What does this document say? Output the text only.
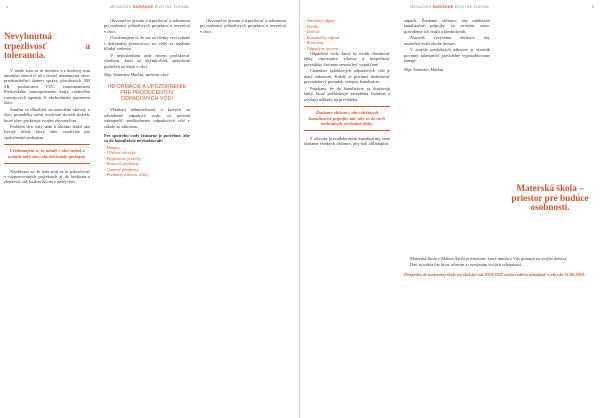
4	MESAČNÍK ŠARIŠSKÉ ŽIVOTNÉ ŽURNÁL
Nevyhnutná trpezlivosť a tolerancia.

V úrade som za tri mesiace a z bodovej som mnohým stretol či už s dosiaľ neznámymi obce, predstaviteľmi štátnej správy pôsobiacich NR SR, poslancami VÚC, zamestnancami Prešovského samosprávneho kraja, riaditeľmi rozvojových agentúr či obchodnými partnermi obce.

Snažím sa dlhodobé na nastolené aktivity v obci, pomaličky začať zvyšovať úroveň služieb, ktoré obec poskytuje svojim obyvateľom.

Problém dva roky nám k akciám slúžil ako bývalý sklad, ktorý obec využívala pre spoločenské podujatia.

Uvedomujem si, že mladý v obci nebol a nebude taký stav, aby bol každý spokojný.

Nazdávam sa, že teda stojí za to pokračovať v rozpracovaných projektoch aj do budúcna a zlepšovať tak kvalitu života v našej obci.

Obyvateľov prosím o trpezlivosť a toleranciu pri realizácii jednotlivých projektov a investícií v obci.

Uvedomujem si, že nie sú všetky veci robené s dokonalou presnosťou, no vždy sa snažíme hľadať riešenia.

V neposlednom rade chcem poďakovať všetkým, ktorí sa akýmkoľvek spôsobom podieľali na dianí v obci.

Mgr. Stanislav Mathia, starosta obce

INFORMÁCIE A UPOZORNENIE PRE PRODUCENTOV ODPADOVÝCH VÔD!

Vlastníci nehnuteľností, z ktorých sú odvádzané odpadové vody, sú povinní zabezpečiť zneškodnenie odpadových vôd v súlade so zákonom.

Pre spotrebu vody čistiarne je potrebné, aby sa do kanalizácie nevhadzovali:

- Handry
- Vlhčené obrúsky
- Hygienické potreby
- Plastové predmety
- Gumové predmety
- Predmety z dreva, ďalej

Obyvateľov prosím o trpezlivosť a toleranciu pri realizácii jednotlivých projektov a investícií v obci.

5
MESAČNÍK ŠARIŠSKÉ ŽIVOTNÉ ŽURNÁL
- Stavebný odpad
- Textílie
- Liečivá
- Komunálny odpad
- Potraviny
- Odpady zo zvierat

Odpadové vody, ktoré by mohli obsahovať látky ohrozujúce zdravie a bezpečnosť prevádzky čistiarne nesmú byť vypúšťané.

Charakter splaškových odpadových vôd je daný zákonom. Každý je povinný dodržiavať prevádzkový poriadok verejnej kanalizácie.

Pripájam, že do kanalizácie sa dostávajú látky, ktoré poškodzujú zariadenia čistiarne a zvyšujú náklady na prevádzku.

Žiadame občanov, aby udržiavali kanalizačné prípojky tak, aby sa do nich nedostávali nevhodné látky.

Z dôvodu prevádzkovania kanalizačnej siete žiadame všetkých občanov, aby boli ohľaduplní.

zápach. Žiadame občanov, aby udržiavali kanalizačné prípojky vo zvislom stave, pravidelne ich čistili a kontrolovali.

Zároveň vyzývame občanov aby neznečisťovali okolie domov.

V zmysle príslušných zákonov je vlastník povinný zabezpečiť pravidelné vyprázdňovanie žumpy.

Mgr. Stanislav Mathia

Materská škola – priestor pre budúce osobnosti.

Materská škola v Malom Šariši je miestom, ktoré mnohí z Vás poznajú zo svojho detstva.

Deti tu trávia čas hrou, učením a rozvíjaním svojich schopností.

Príspevky do materskej školy na školský rok 2019/2020 môžu rodičia uhrádzať v obci do 31.05.2019.
